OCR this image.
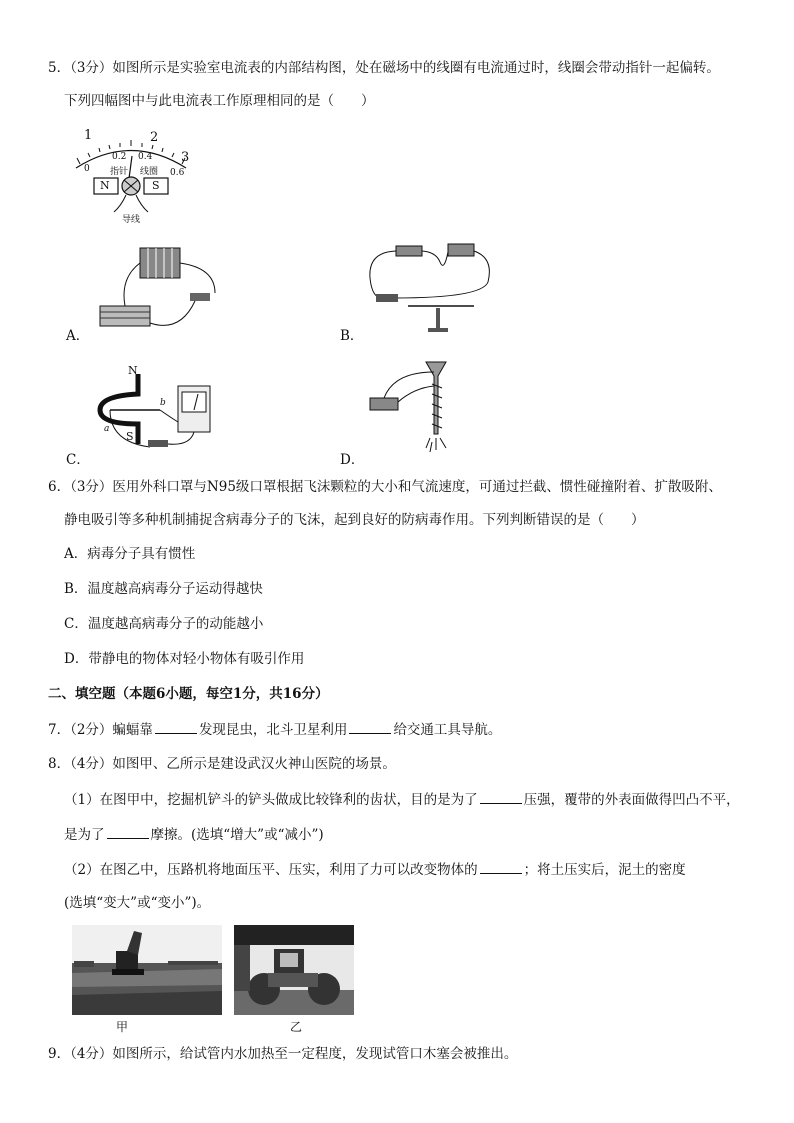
5．（3分）如图所示是实验室电流表的内部结构图，处在磁场中的线圈有电流通过时，线圈会带动指针一起偏转。
下列四幅图中与此电流表工作原理相同的是（　　）
1	2
3
0
0.2 0.4
0.6
指针 线圈
N	S
导线
A．	B．
N
S
a
b
C．	D．
6．（3分）医用外科口罩与N95级口罩根据飞沫颗粒的大小和气流速度，可通过拦截、惯性碰撞附着、扩散吸附、
静电吸引等多种机制捕捉含病毒分子的飞沫，起到良好的防病毒作用。下列判断错误的是（　　）
A．病毒分子具有惯性
B．温度越高病毒分子运动得越快
C．温度越高病毒分子的动能越小
D．带静电的物体对轻小物体有吸引作用
二、填空题（本题6小题，每空1分，共16分）
7．（2分）蝙蝠靠	发现昆虫，北斗卫星利用	给交通工具导航。
8．（4分）如图甲、乙所示是建设武汉火神山医院的场景。
（1）在图甲中，挖掘机铲斗的铲头做成比较锋利的齿状，目的是为了	压强，覆带的外表面做得凹凸不平，
是为了	摩擦。(选填“增大”或“减小”)
（2）在图乙中，压路机将地面压平、压实，利用了力可以改变物体的	；将土压实后，泥土的密度
(选填“变大”或“变小”)。
甲	乙
9．（4分）如图所示，给试管内水加热至一定程度，发现试管口木塞会被推出。
